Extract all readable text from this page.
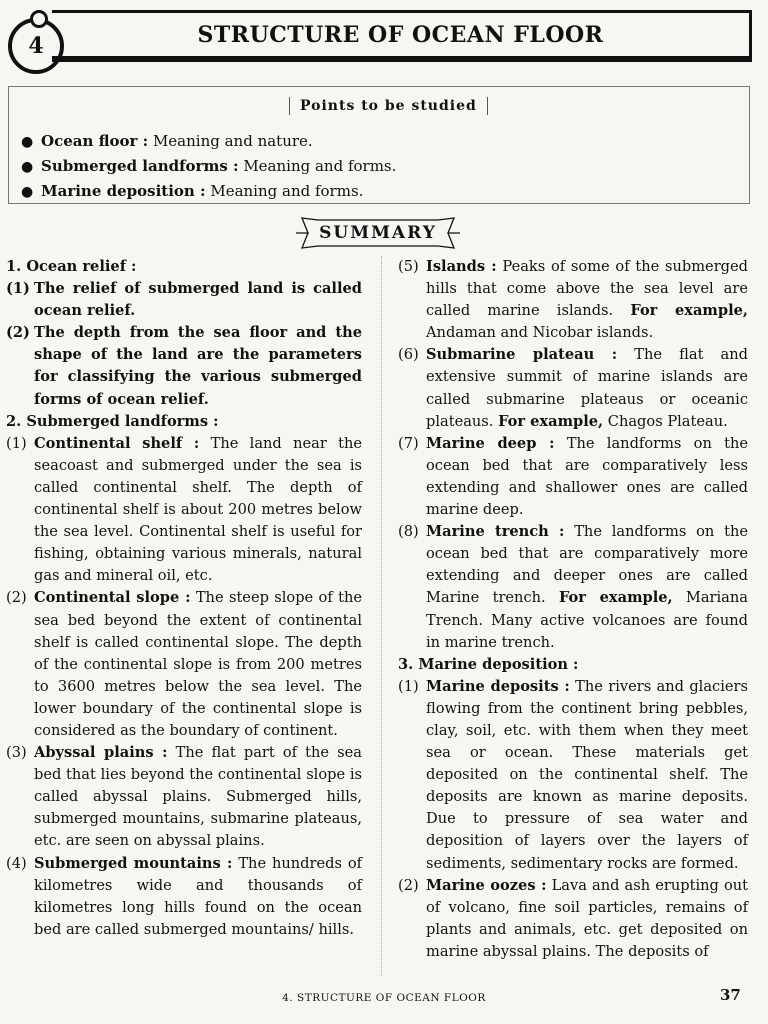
4	STRUCTURE OF OCEAN FLOOR
Points to be studied
● Ocean floor : Meaning and nature.
● Submerged landforms : Meaning and forms.
● Marine deposition : Meaning and forms.
SUMMARY

1. Ocean relief :

(1) The relief of submerged land is called ocean relief.

(2) The depth from the sea floor and the shape of the land are the parameters for classifying the various submerged forms of ocean relief.

2. Submerged landforms :

(1) Continental shelf : The land near the seacoast and submerged under the sea is called continental shelf. The depth of continental shelf is about 200 metres below the sea level. Continental shelf is useful for fishing, obtaining various minerals, natural gas and mineral oil, etc.

(2) Continental slope : The steep slope of the sea bed beyond the extent of continental shelf is called continental slope. The depth of the continental slope is from 200 metres to 3600 metres below the sea level. The lower boundary of the continental slope is considered as the boundary of continent.

(3) Abyssal plains : The flat part of the sea bed that lies beyond the continental slope is called abyssal plains. Submerged hills, submerged mountains, submarine plateaus, etc. are seen on abyssal plains.

(4) Submerged mountains : The hundreds of kilometres wide and thousands of kilometres long hills found on the ocean bed are called submerged mountains/ hills.

(5) Islands : Peaks of some of the submerged hills that come above the sea level are called marine islands. For example, Andaman and Nicobar islands.

(6) Submarine plateau : The flat and extensive summit of marine islands are called submarine plateaus or oceanic plateaus. For example, Chagos Plateau.

(7) Marine deep : The landforms on the ocean bed that are comparatively less extending and shallower ones are called marine deep.

(8) Marine trench : The landforms on the ocean bed that are comparatively more extending and deeper ones are called Marine trench. For example, Mariana Trench. Many active volcanoes are found in marine trench.

3. Marine deposition :

(1) Marine deposits : The rivers and glaciers flowing from the continent bring pebbles, clay, soil, etc. with them when they meet sea or ocean. These materials get deposited on the continental shelf. The deposits are known as marine deposits. Due to pressure of sea water and deposition of layers over the layers of sediments, sedimentary rocks are formed.

(2) Marine oozes : Lava and ash erupting out of volcano, fine soil particles, remains of plants and animals, etc. get deposited on marine abyssal plains. The deposits of

4. STRUCTURE OF OCEAN FLOOR	37
